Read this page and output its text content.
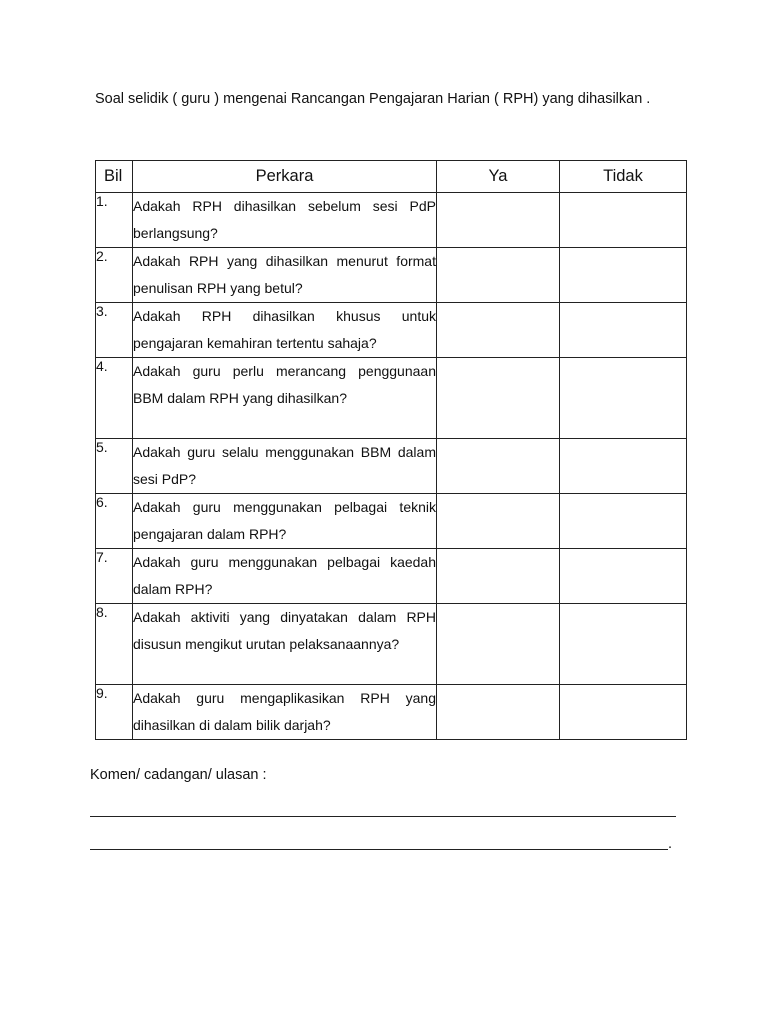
Soal selidik ( guru ) mengenai Rancangan Pengajaran Harian ( RPH) yang dihasilkan .
Bil	Perkara	Ya	Tidak
1.	Adakah RPH dihasilkan sebelum sesi PdP berlangsung?		
2.	Adakah RPH yang dihasilkan menurut format penulisan RPH yang betul?		
3.	Adakah RPH dihasilkan khusus untuk pengajaran kemahiran tertentu sahaja?		
4.	Adakah guru perlu merancang penggunaan BBM dalam RPH yang dihasilkan?		
5.	Adakah guru selalu menggunakan BBM dalam sesi PdP?		
6.	Adakah guru menggunakan pelbagai teknik pengajaran dalam RPH?		
7.	Adakah guru menggunakan pelbagai kaedah dalam RPH?		
8.	Adakah aktiviti yang dinyatakan dalam RPH disusun mengikut urutan pelaksanaannya?		
9.	Adakah guru mengaplikasikan RPH yang dihasilkan di dalam bilik darjah?		
Komen/ cadangan/ ulasan :
.
